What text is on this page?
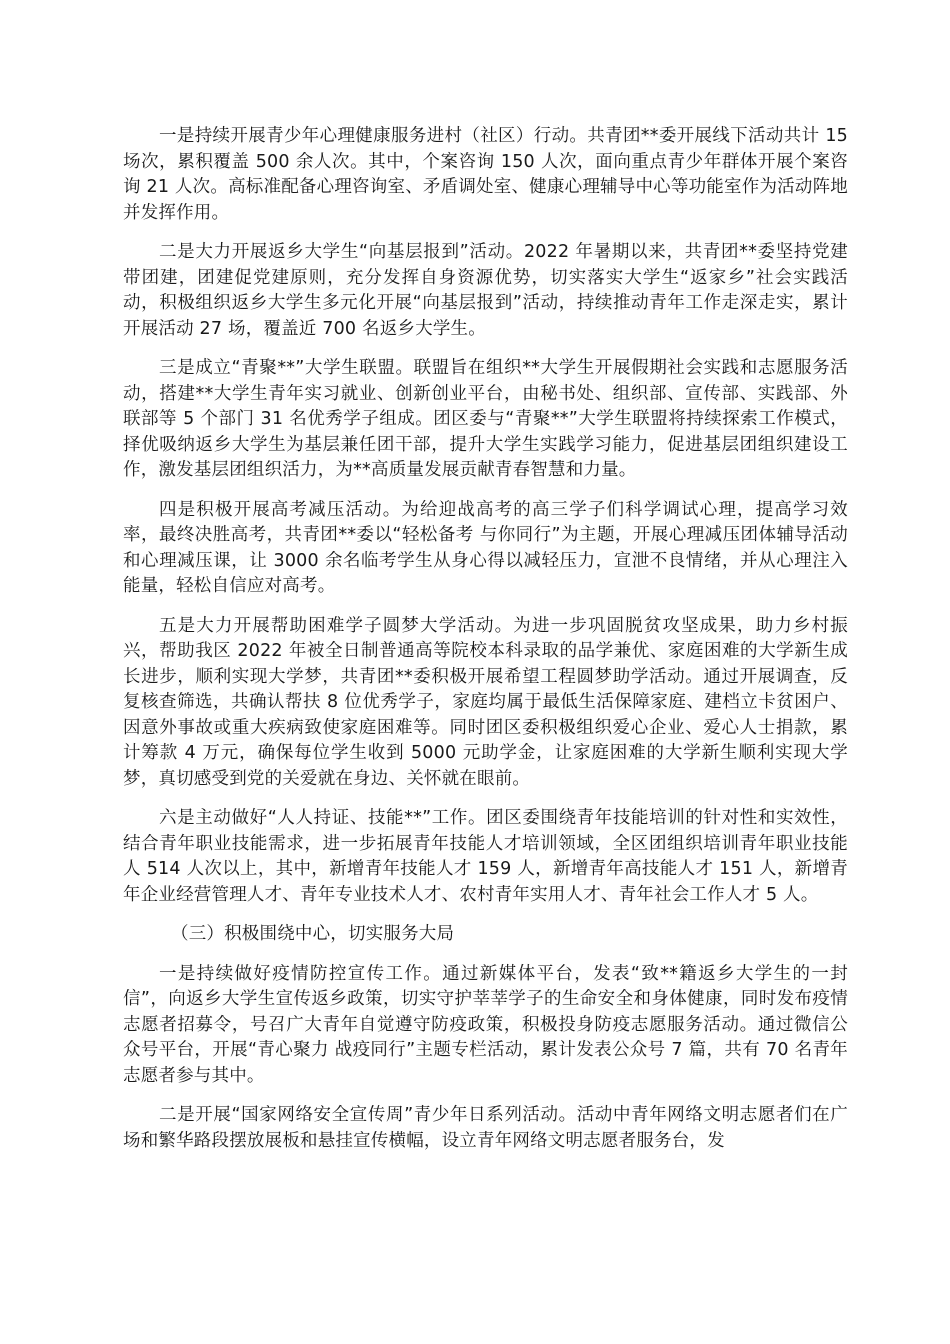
一是持续开展青少年心理健康服务进村（社区）行动。共青团**委开展线下活动共计 15 场次，累积覆盖 500 余人次。其中，个案咨询 150 人次，面向重点青少年群体开展个案咨询 21 人次。高标准配备心理咨询室、矛盾调处室、健康心理辅导中心等功能室作为活动阵地并发挥作用。

二是大力开展返乡大学生“向基层报到”活动。2022 年暑期以来，共青团**委坚持党建带团建，团建促党建原则，充分发挥自身资源优势，切实落实大学生“返家乡”社会实践活动，积极组织返乡大学生多元化开展“向基层报到”活动，持续推动青年工作走深走实，累计开展活动 27 场，覆盖近 700 名返乡大学生。

三是成立“青聚**”大学生联盟。联盟旨在组织**大学生开展假期社会实践和志愿服务活动，搭建**大学生青年实习就业、创新创业平台，由秘书处、组织部、宣传部、实践部、外联部等 5 个部门 31 名优秀学子组成。团区委与“青聚**”大学生联盟将持续探索工作模式，择优吸纳返乡大学生为基层兼任团干部，提升大学生实践学习能力，促进基层团组织建设工作，激发基层团组织活力，为**高质量发展贡献青春智慧和力量。

四是积极开展高考减压活动。为给迎战高考的高三学子们科学调试心理，提高学习效率，最终决胜高考，共青团**委以“轻松备考 与你同行”为主题，开展心理减压团体辅导活动和心理减压课，让 3000 余名临考学生从身心得以减轻压力，宣泄不良情绪，并从心理注入能量，轻松自信应对高考。

五是大力开展帮助困难学子圆梦大学活动。为进一步巩固脱贫攻坚成果，助力乡村振兴，帮助我区 2022 年被全日制普通高等院校本科录取的品学兼优、家庭困难的大学新生成长进步，顺利实现大学梦，共青团**委积极开展希望工程圆梦助学活动。通过开展调查，反复核查筛选，共确认帮扶 8 位优秀学子，家庭均属于最低生活保障家庭、建档立卡贫困户、因意外事故或重大疾病致使家庭困难等。同时团区委积极组织爱心企业、爱心人士捐款，累计筹款 4 万元，确保每位学生收到 5000 元助学金，让家庭困难的大学新生顺利实现大学梦，真切感受到党的关爱就在身边、关怀就在眼前。

六是主动做好“人人持证、技能**”工作。团区委围绕青年技能培训的针对性和实效性，结合青年职业技能需求，进一步拓展青年技能人才培训领域，全区团组织培训青年职业技能人 514 人次以上，其中，新增青年技能人才 159 人，新增青年高技能人才 151 人，新增青年企业经营管理人才、青年专业技术人才、农村青年实用人才、青年社会工作人才 5 人。

（三）积极围绕中心，切实服务大局

一是持续做好疫情防控宣传工作。通过新媒体平台，发表“致**籍返乡大学生的一封信”，向返乡大学生宣传返乡政策，切实守护莘莘学子的生命安全和身体健康，同时发布疫情志愿者招募令，号召广大青年自觉遵守防疫政策，积极投身防疫志愿服务活动。通过微信公众号平台，开展“青心聚力 战疫同行”主题专栏活动，累计发表公众号 7 篇，共有 70 名青年志愿者参与其中。

二是开展“国家网络安全宣传周”青少年日系列活动。活动中青年网络文明志愿者们在广场和繁华路段摆放展板和悬挂宣传横幅，设立青年网络文明志愿者服务台，发
